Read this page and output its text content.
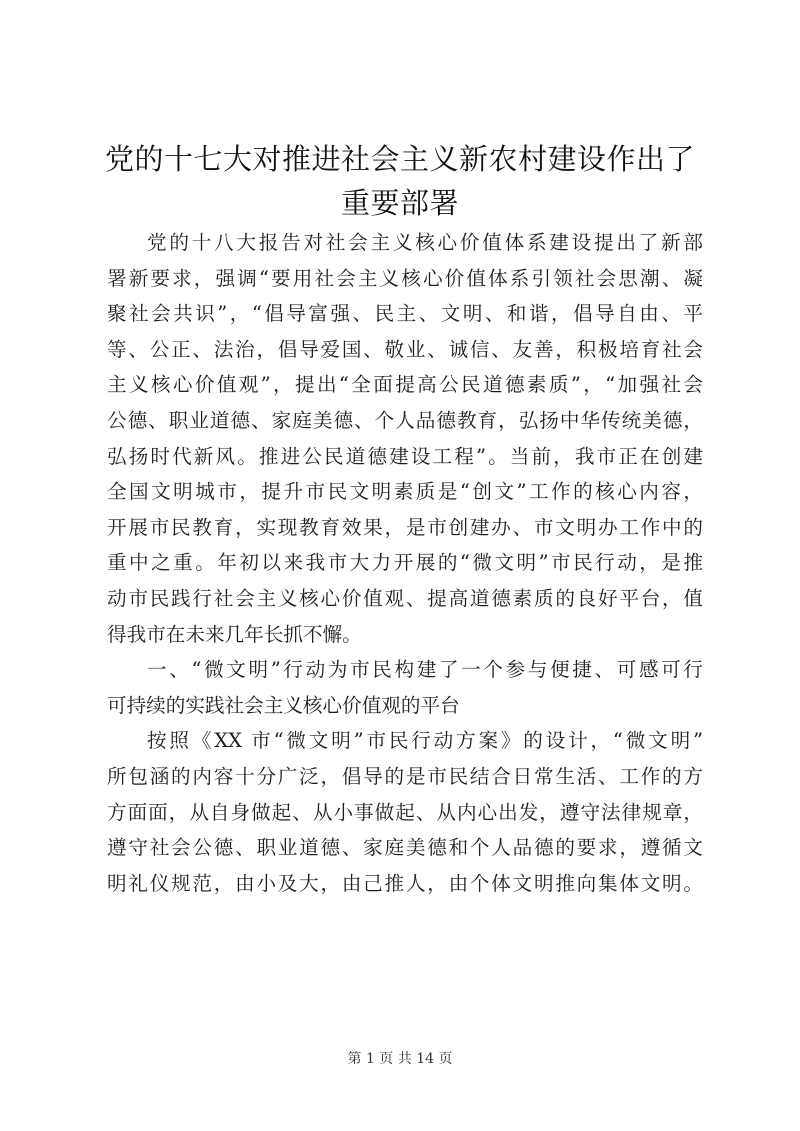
党的十七大对推进社会主义新农村建设作出了
重要部署
党的十八大报告对社会主义核心价值体系建设提出了新部
署新要求，强调“要用社会主义核心价值体系引领社会思潮、凝
聚社会共识”，“倡导富强、民主、文明、和谐，倡导自由、平
等、公正、法治，倡导爱国、敬业、诚信、友善，积极培育社会
主义核心价值观”，提出“全面提高公民道德素质”，“加强社会
公德、职业道德、家庭美德、个人品德教育，弘扬中华传统美德，
弘扬时代新风。推进公民道德建设工程”。当前，我市正在创建
全国文明城市，提升市民文明素质是“创文”工作的核心内容，
开展市民教育，实现教育效果，是市创建办、市文明办工作中的
重中之重。年初以来我市大力开展的“微文明”市民行动，是推
动市民践行社会主义核心价值观、提高道德素质的良好平台，值
得我市在未来几年长抓不懈。
一、“微文明”行动为市民构建了一个参与便捷、可感可行
可持续的实践社会主义核心价值观的平台
按照《XX 市“微文明”市民行动方案》的设计，“微文明”
所包涵的内容十分广泛，倡导的是市民结合日常生活、工作的方
方面面，从自身做起、从小事做起、从内心出发，遵守法律规章，
遵守社会公德、职业道德、家庭美德和个人品德的要求，遵循文
明礼仪规范，由小及大，由己推人，由个体文明推向集体文明。
第 1 页 共 14 页
